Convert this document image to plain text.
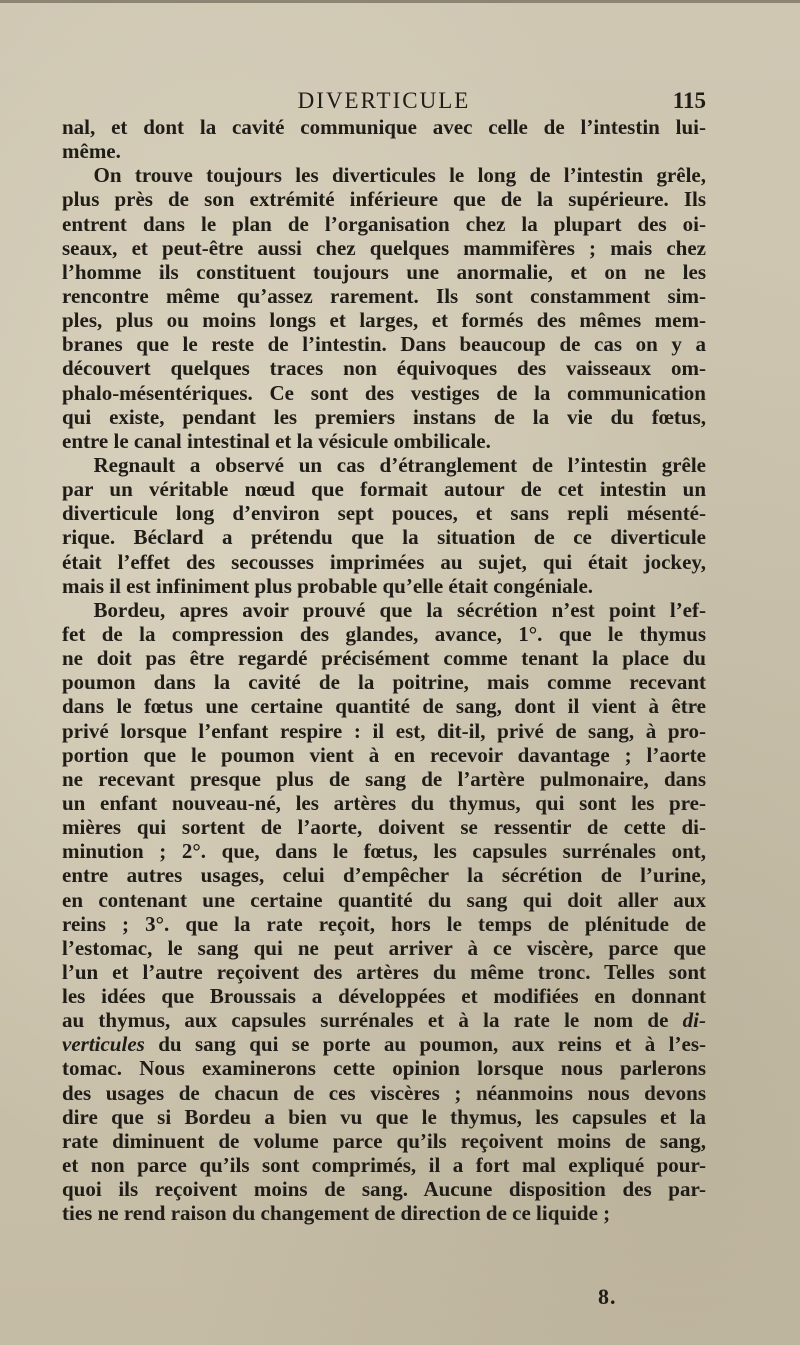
DIVERTICULE	115
nal, et dont la cavité communique avec celle de l’intestin lui-
même.
  On trouve toujours les diverticules le long de l’intestin grêle,
plus près de son extrémité inférieure que de la supérieure. Ils
entrent dans le plan de l’organisation chez la plupart des oi-
seaux, et peut-être aussi chez quelques mammifères ; mais chez
l’homme ils constituent toujours une anormalie, et on ne les
rencontre même qu’assez rarement. Ils sont constamment sim-
ples, plus ou moins longs et larges, et formés des mêmes mem-
branes que le reste de l’intestin. Dans beaucoup de cas on y a
découvert quelques traces non équivoques des vaisseaux om-
phalo-mésentériques. Ce sont des vestiges de la communication
qui existe, pendant les premiers instans de la vie du fœtus,
entre le canal intestinal et la vésicule ombilicale.
  Regnault a observé un cas d’étranglement de l’intestin grêle
par un véritable nœud que formait autour de cet intestin un
diverticule long d’environ sept pouces, et sans repli mésenté-
rique. Béclard a prétendu que la situation de ce diverticule
était l’effet des secousses imprimées au sujet, qui était jockey,
mais il est infiniment plus probable qu’elle était congéniale.
  Bordeu, apres avoir prouvé que la sécrétion n’est point l’ef-
fet de la compression des glandes, avance, 1°. que le thymus
ne doit pas être regardé précisément comme tenant la place du
poumon dans la cavité de la poitrine, mais comme recevant
dans le fœtus une certaine quantité de sang, dont il vient à être
privé lorsque l’enfant respire : il est, dit-il, privé de sang, à pro-
portion que le poumon vient à en recevoir davantage ; l’aorte
ne recevant presque plus de sang de l’artère pulmonaire, dans
un enfant nouveau-né, les artères du thymus, qui sont les pre-
mières qui sortent de l’aorte, doivent se ressentir de cette di-
minution ; 2°. que, dans le fœtus, les capsules surrénales ont,
entre autres usages, celui d’empêcher la sécrétion de l’urine,
en contenant une certaine quantité du sang qui doit aller aux
reins ; 3°. que la rate reçoit, hors le temps de plénitude de
l’estomac, le sang qui ne peut arriver à ce viscère, parce que
l’un et l’autre reçoivent des artères du même tronc. Telles sont
les idées que Broussais a développées et modifiées en donnant
au thymus, aux capsules surrénales et à la rate le nom de di-
verticules du sang qui se porte au poumon, aux reins et à l’es-
tomac. Nous examinerons cette opinion lorsque nous parlerons
des usages de chacun de ces viscères ; néanmoins nous devons
dire que si Bordeu a bien vu que le thymus, les capsules et la
rate diminuent de volume parce qu’ils reçoivent moins de sang,
et non parce qu’ils sont comprimés, il a fort mal expliqué pour-
quoi ils reçoivent moins de sang. Aucune disposition des par-
ties ne rend raison du changement de direction de ce liquide ;
8.
